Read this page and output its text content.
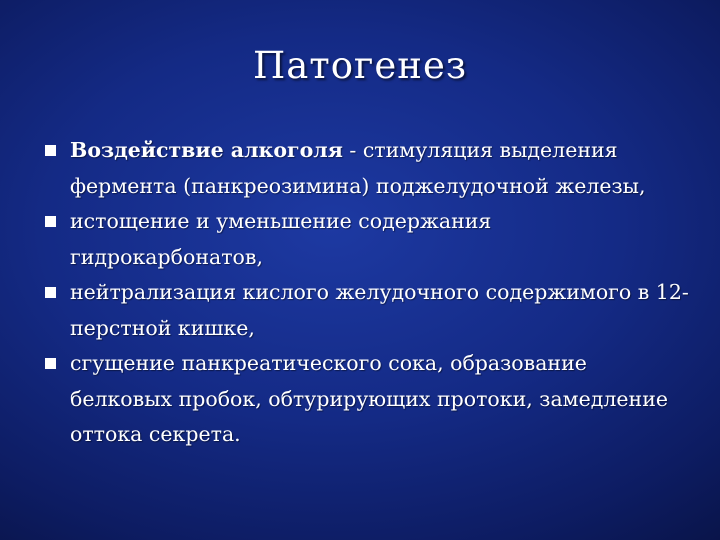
Патогенез
Воздействие алкоголя - стимуляция выделения фермента (панкреозимина) поджелудочной железы,
истощение и уменьшение содержания гидрокарбонатов,
нейтрализация кислого желудочного содержимого в 12-перстной кишке,
сгущение панкреатического сока, образование белковых пробок, обтурирующих протоки, замедление оттока секрета.
